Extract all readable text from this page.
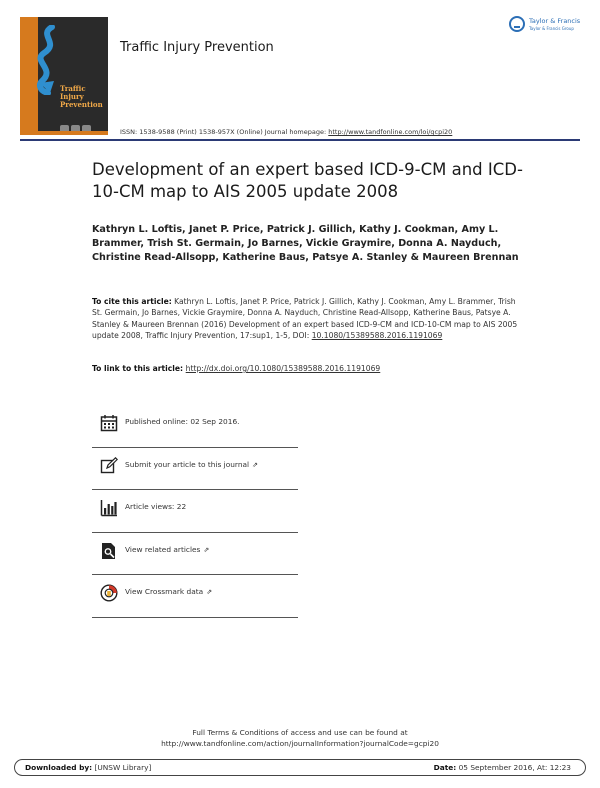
Traffic
Injury
Prevention
Traffic Injury Prevention
Taylor & Francis
Taylor & Francis Group
ISSN: 1538-9588 (Print) 1538-957X (Online) Journal homepage: http://www.tandfonline.com/loi/gcpi20
Development of an expert based ICD-9-CM and ICD-10-CM map to AIS 2005 update 2008
Kathryn L. Loftis, Janet P. Price, Patrick J. Gillich, Kathy J. Cookman, Amy L. Brammer, Trish St. Germain, Jo Barnes, Vickie Graymire, Donna A. Nayduch, Christine Read-Allsopp, Katherine Baus, Patsye A. Stanley & Maureen Brennan
To cite this article: Kathryn L. Loftis, Janet P. Price, Patrick J. Gillich, Kathy J. Cookman, Amy L. Brammer, Trish St. Germain, Jo Barnes, Vickie Graymire, Donna A. Nayduch, Christine Read-Allsopp, Katherine Baus, Patsye A. Stanley & Maureen Brennan (2016) Development of an expert based ICD-9-CM and ICD-10-CM map to AIS 2005 update 2008, Traffic Injury Prevention, 17:sup1, 1-5, DOI: 10.1080/15389588.2016.1191069
To link to this article: http://dx.doi.org/10.1080/15389588.2016.1191069
Published online: 02 Sep 2016.
Submit your article to this journal ⇗
Article views: 22
View related articles ⇗
View Crossmark data ⇗
Full Terms & Conditions of access and use can be found at
http://www.tandfonline.com/action/journalInformation?journalCode=gcpi20
Downloaded by: [UNSW Library]	Date: 05 September 2016, At: 12:23
